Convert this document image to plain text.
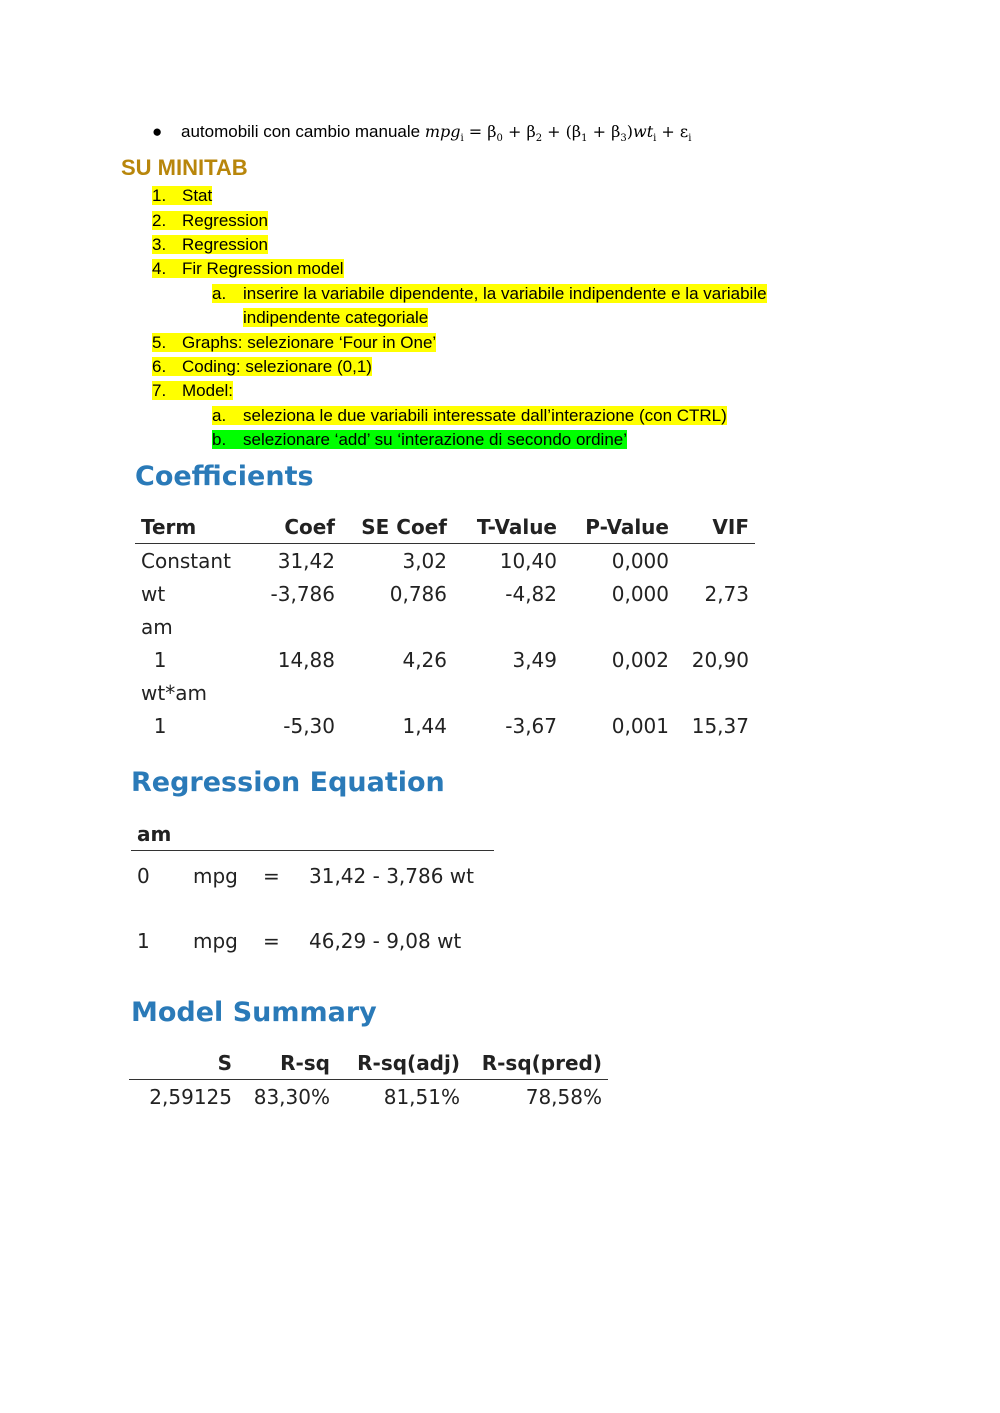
● automobili con cambio manuale $mpg_i = \beta_0 + \beta_2 + (\beta_1 + \beta_3)wt_i + \varepsilon_i$
SU MINITAB
1. Stat
2. Regression
3. Regression
4. Fir Regression model
a. inserire la variabile dipendente, la variabile indipendente e la variabile
indipendente categoriale
5. Graphs: selezionare ‘Four in One’
6. Coding: selezionare (0,1)
7. Model:
a. seleziona le due variabili interessate dall’interazione (con CTRL)
b. selezionare ‘add’ su ‘interazione di secondo ordine’
Coefficients
Term	Coef	SE Coef	T-Value	P-Value	VIF
Constant	31,42	3,02	10,40	0,000	
wt	-3,786	0,786	-4,82	0,000	2,73
am					
1	14,88	4,26	3,49	0,002	20,90
wt*am					
1	-5,30	1,44	-3,67	0,001	15,37
Regression Equation
am			
0	mpg	=	31,42 - 3,786 wt
1	mpg	=	46,29 - 9,08 wt
Model Summary
S	R-sq	R-sq(adj)	R-sq(pred)
2,59125	83,30%	81,51%	78,58%
